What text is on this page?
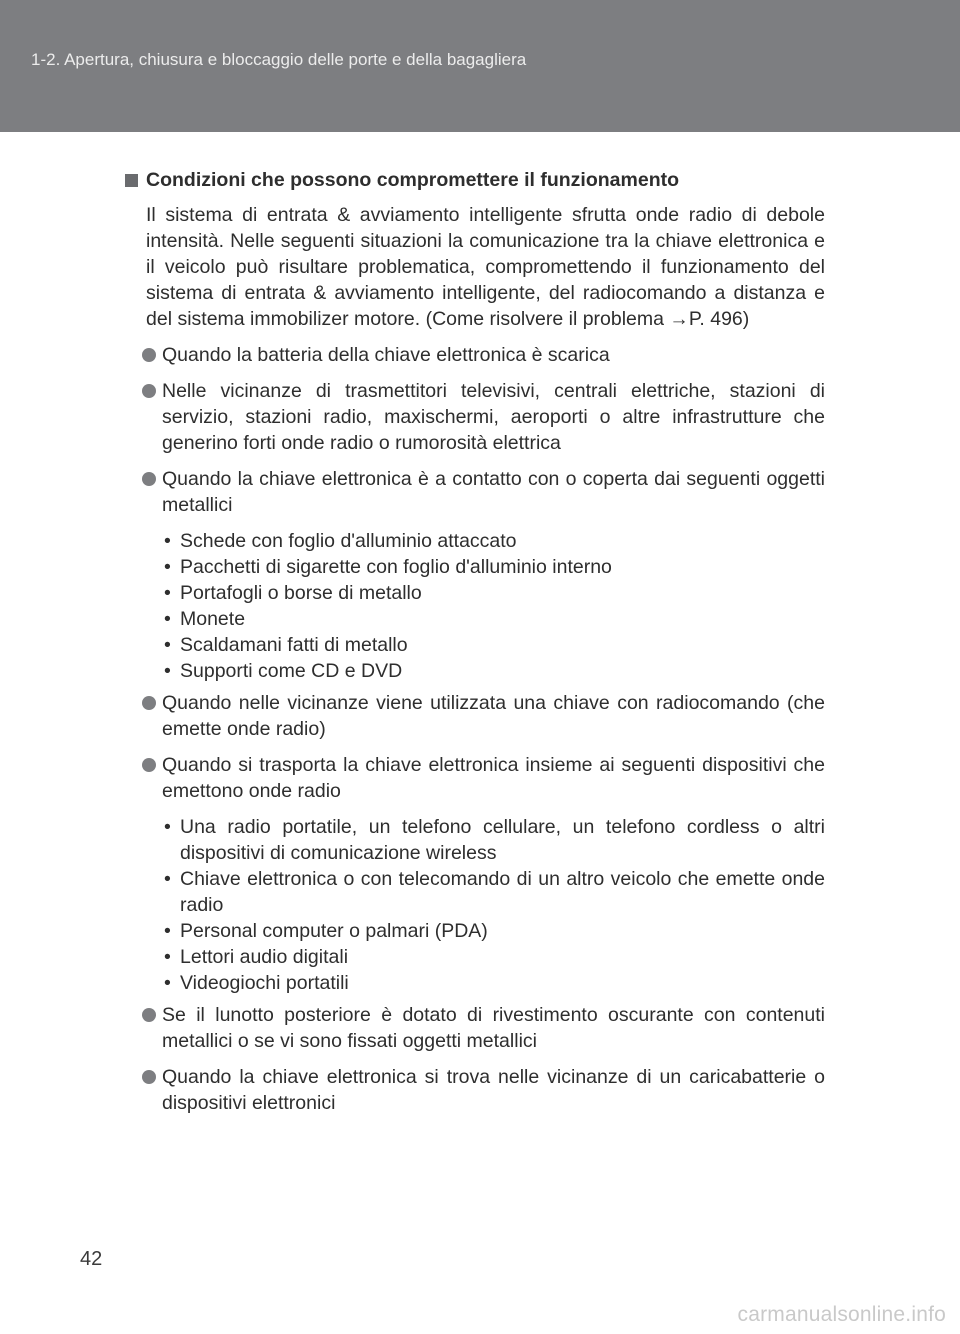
1-2. Apertura, chiusura e bloccaggio delle porte e della bagagliera
Condizioni che possono compromettere il funzionamento
Il sistema di entrata & avviamento intelligente sfrutta onde radio di debole intensità. Nelle seguenti situazioni la comunicazione tra la chiave elettronica e il veicolo può risultare problematica, compromettendo il funzionamento del sistema di entrata & avviamento intelligente, del radiocomando a distanza e del sistema immobilizer motore. (Come risolvere il problema →P. 496)
Quando la batteria della chiave elettronica è scarica
Nelle vicinanze di trasmettitori televisivi, centrali elettriche, stazioni di servizio, stazioni radio, maxischermi, aeroporti o altre infrastrutture che generino forti onde radio o rumorosità elettrica
Quando la chiave elettronica è a contatto con o coperta dai seguenti oggetti metallici
• Schede con foglio d'alluminio attaccato
• Pacchetti di sigarette con foglio d'alluminio interno
• Portafogli o borse di metallo
• Monete
• Scaldamani fatti di metallo
• Supporti come CD e DVD
Quando nelle vicinanze viene utilizzata una chiave con radiocomando (che emette onde radio)
Quando si trasporta la chiave elettronica insieme ai seguenti dispositivi che emettono onde radio
• Una radio portatile, un telefono cellulare, un telefono cordless o altri dispositivi di comunicazione wireless
• Chiave elettronica o con telecomando di un altro veicolo che emette onde radio
• Personal computer o palmari (PDA)
• Lettori audio digitali
• Videogiochi portatili
Se il lunotto posteriore è dotato di rivestimento oscurante con contenuti metallici o se vi sono fissati oggetti metallici
Quando la chiave elettronica si trova nelle vicinanze di un caricabatterie o dispositivi elettronici
42
carmanualsonline.info
